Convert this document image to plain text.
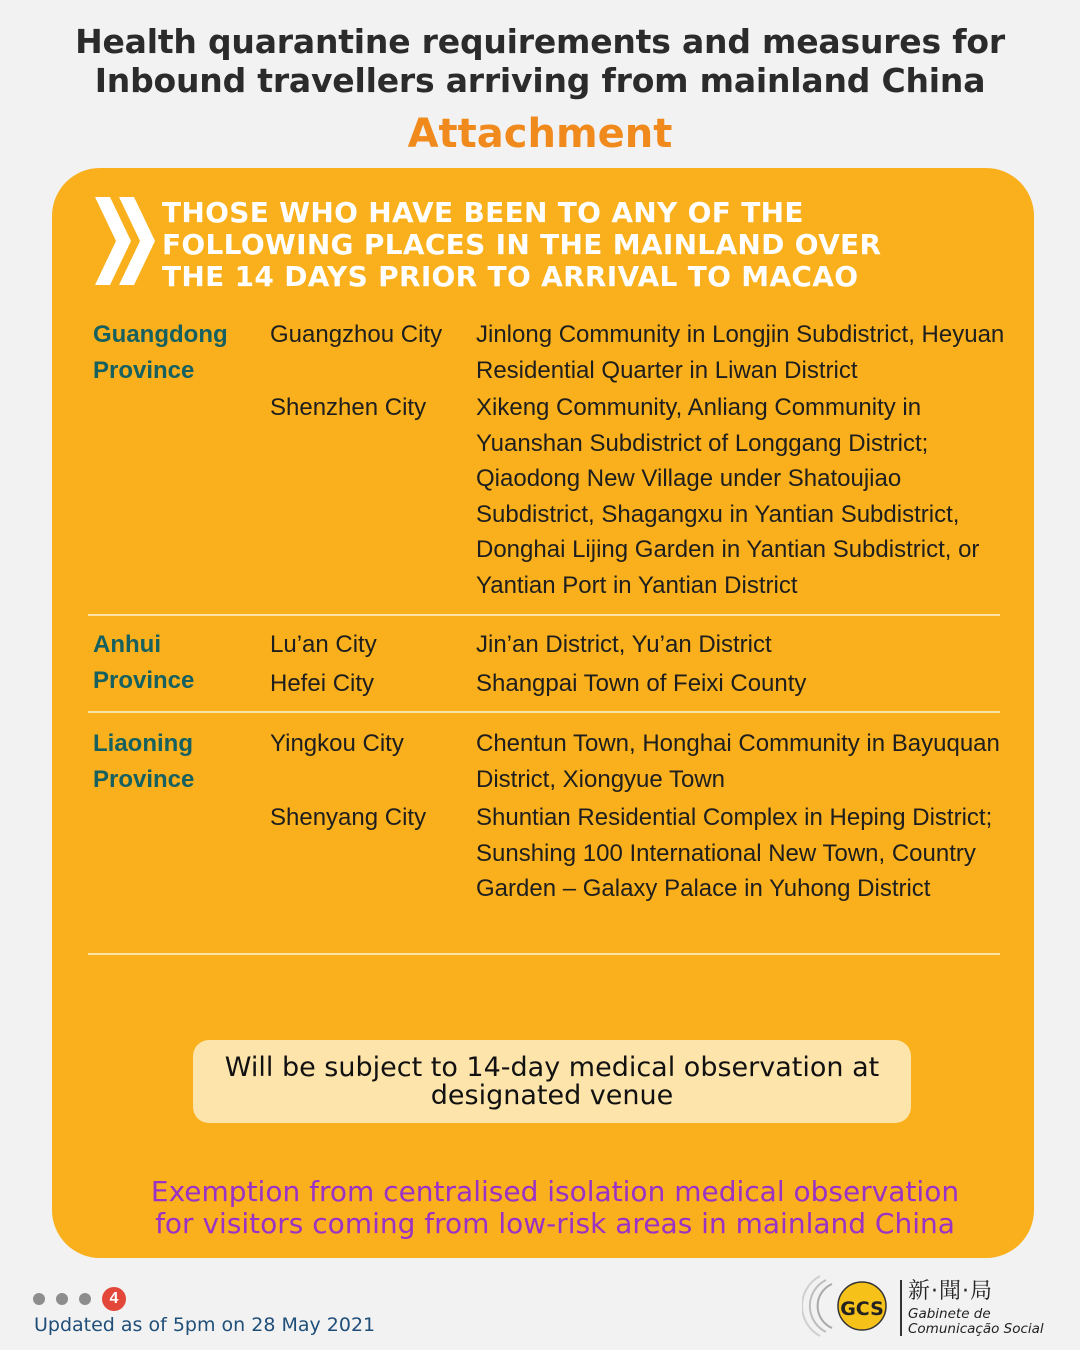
Health quarantine requirements and measures for
Inbound travellers arriving from mainland China
Attachment
THOSE WHO HAVE BEEN TO ANY OF THE
FOLLOWING PLACES IN THE MAINLAND OVER
THE 14 DAYS PRIOR TO ARRIVAL TO MACAO
Guangdong Province
Guangzhou City	Jinlong Community in Longjin Subdistrict, Heyuan Residential Quarter in Liwan District
Shenzhen City	Xikeng Community, Anliang Community in Yuanshan Subdistrict of Longgang District; Qiaodong New Village under Shatoujiao Subdistrict, Shagangxu in Yantian Subdistrict, Donghai Lijing Garden in Yantian Subdistrict, or Yantian Port in Yantian District
Anhui Province
Lu’an City	Jin’an District, Yu’an District
Hefei City	Shangpai Town of Feixi County
Liaoning Province
Yingkou City	Chentun Town, Honghai Community in Bayuquan District, Xiongyue Town
Shenyang City	Shuntian Residential Complex in Heping District; Sunshing 100 International New Town, Country Garden – Galaxy Palace in Yuhong District
Will be subject to 14-day medical observation at designated venue
Exemption from centralised isolation medical observation
for visitors coming from low-risk areas in mainland China
4
Updated as of 5pm on 28 May 2021
GCS
新·聞·局
Gabinete de
Comunicação Social
